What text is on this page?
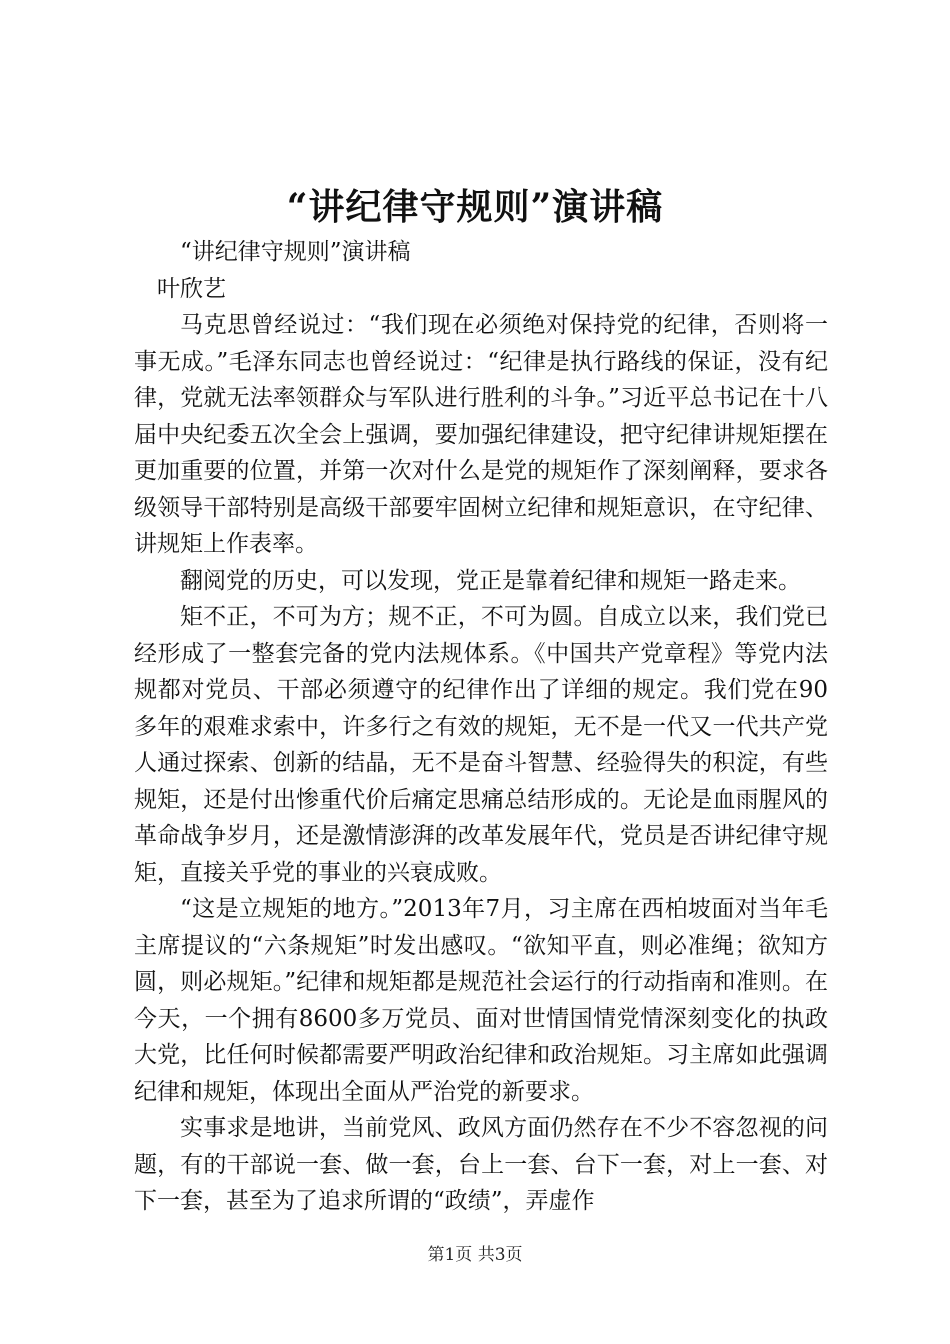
“讲纪律守规则”演讲稿

“讲纪律守规则”演讲稿

叶欣艺

马克思曾经说过：“我们现在必须绝对保持党的纪律，否则将一事无成。”毛泽东同志也曾经说过：“纪律是执行路线的保证，没有纪律，党就无法率领群众与军队进行胜利的斗争。”习近平总书记在十八届中央纪委五次全会上强调，要加强纪律建设，把守纪律讲规矩摆在更加重要的位置，并第一次对什么是党的规矩作了深刻阐释，要求各级领导干部特别是高级干部要牢固树立纪律和规矩意识，在守纪律、讲规矩上作表率。

翻阅党的历史，可以发现，党正是靠着纪律和规矩一路走来。

矩不正，不可为方；规不正，不可为圆。自成立以来，我们党已经形成了一整套完备的党内法规体系。《中国共产党章程》等党内法规都对党员、干部必须遵守的纪律作出了详细的规定。我们党在90多年的艰难求索中，许多行之有效的规矩，无不是一代又一代共产党人通过探索、创新的结晶，无不是奋斗智慧、经验得失的积淀，有些规矩，还是付出惨重代价后痛定思痛总结形成的。无论是血雨腥风的革命战争岁月，还是激情澎湃的改革发展年代，党员是否讲纪律守规矩，直接关乎党的事业的兴衰成败。

“这是立规矩的地方。”2013年7月，习主席在西柏坡面对当年毛主席提议的“六条规矩”时发出感叹。“欲知平直，则必准绳；欲知方圆，则必规矩。”纪律和规矩都是规范社会运行的行动指南和准则。在今天，一个拥有8600多万党员、面对世情国情党情深刻变化的执政大党，比任何时候都需要严明政治纪律和政治规矩。习主席如此强调纪律和规矩，体现出全面从严治党的新要求。

实事求是地讲，当前党风、政风方面仍然存在不少不容忽视的问题，有的干部说一套、做一套，台上一套、台下一套，对上一套、对下一套，甚至为了追求所谓的“政绩”，弄虚作

第1页 共3页
